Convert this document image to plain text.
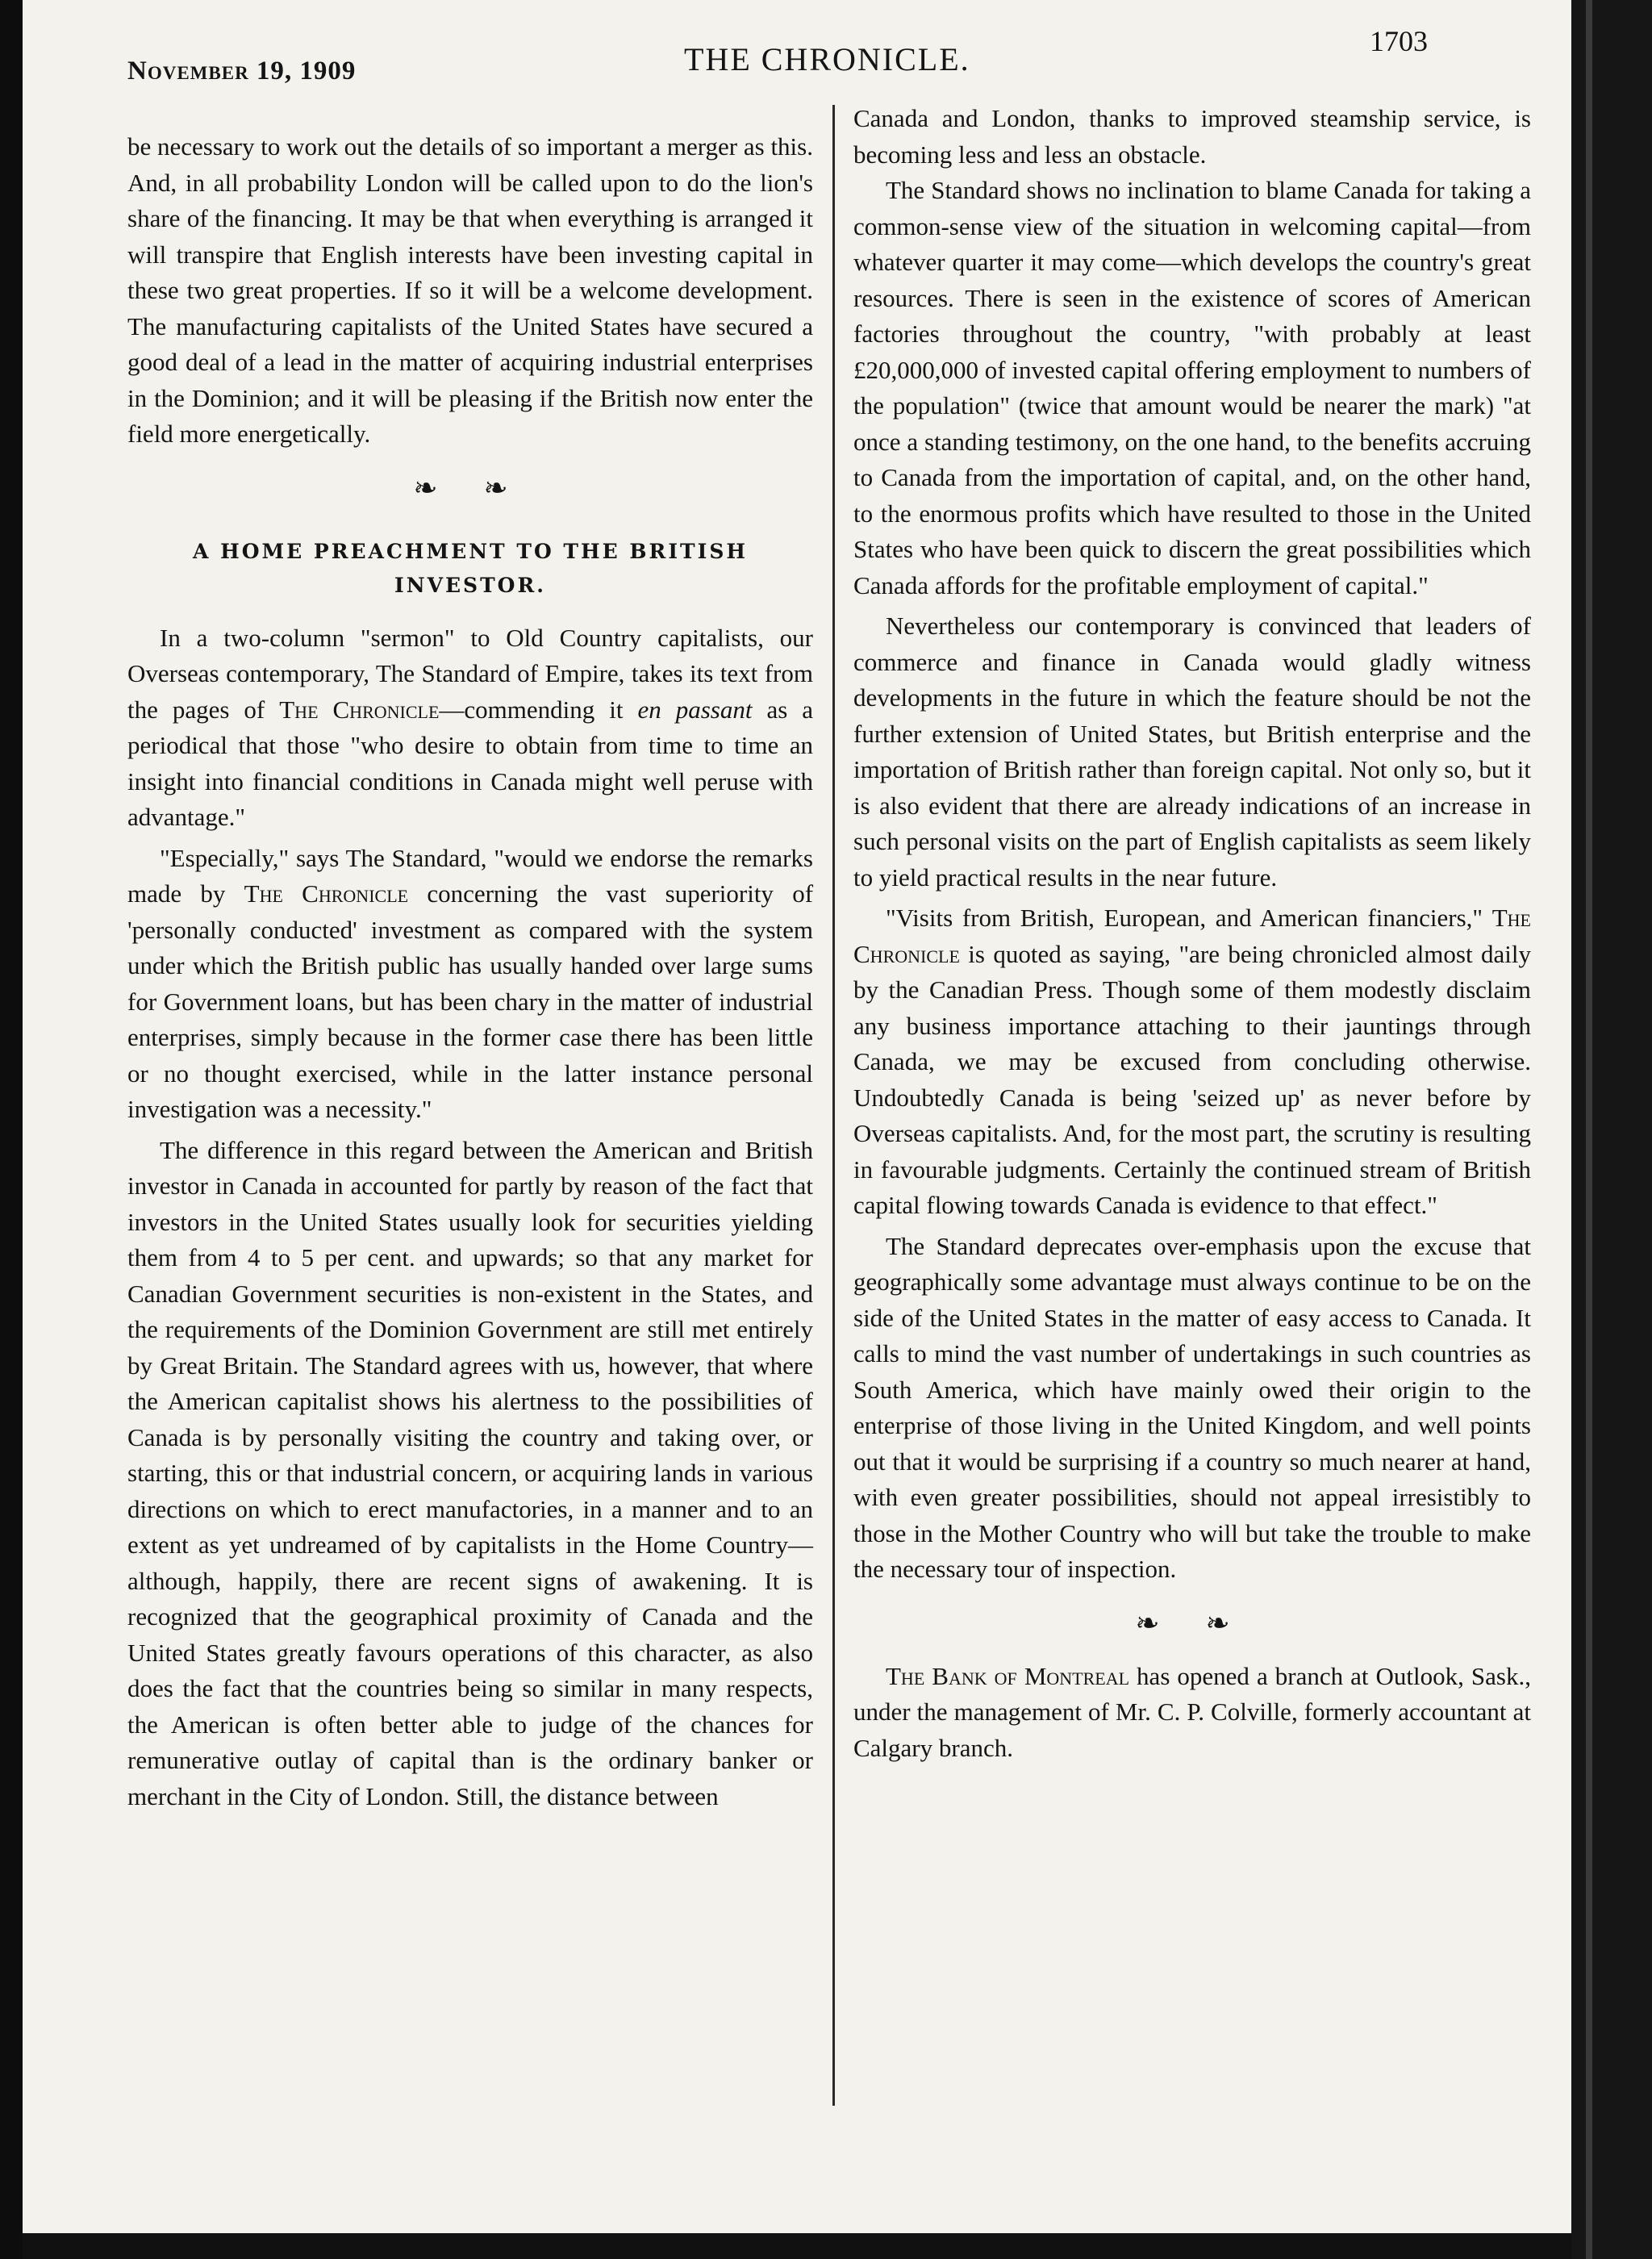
November 19, 1909	THE CHRONICLE.	1703

be necessary to work out the details of so important a merger as this. And, in all probability London will be called upon to do the lion's share of the financing. It may be that when everything is arranged it will transpire that English interests have been investing capital in these two great properties. If so it will be a welcome development. The manufacturing capitalists of the United States have secured a good deal of a lead in the matter of acquiring industrial enterprises in the Dominion; and it will be pleasing if the British now enter the field more energetically.

❧ ❧
A HOME PREACHMENT TO THE BRITISH
INVESTOR.

In a two-column "sermon" to Old Country capitalists, our Overseas contemporary, The Standard of Empire, takes its text from the pages of The Chronicle—commending it en passant as a periodical that those "who desire to obtain from time to time an insight into financial conditions in Canada might well peruse with advantage."

"Especially," says The Standard, "would we endorse the remarks made by The Chronicle concerning the vast superiority of 'personally conducted' investment as compared with the system under which the British public has usually handed over large sums for Government loans, but has been chary in the matter of industrial enterprises, simply because in the former case there has been little or no thought exercised, while in the latter instance personal investigation was a necessity."

The difference in this regard between the American and British investor in Canada in accounted for partly by reason of the fact that investors in the United States usually look for securities yielding them from 4 to 5 per cent. and upwards; so that any market for Canadian Government securities is non-existent in the States, and the requirements of the Dominion Government are still met entirely by Great Britain. The Standard agrees with us, however, that where the American capitalist shows his alertness to the possibilities of Canada is by personally visiting the country and taking over, or starting, this or that industrial concern, or acquiring lands in various directions on which to erect manufactories, in a manner and to an extent as yet undreamed of by capitalists in the Home Country—although, happily, there are recent signs of awakening. It is recognized that the geographical proximity of Canada and the United States greatly favours operations of this character, as also does the fact that the countries being so similar in many respects, the American is often better able to judge of the chances for remunerative outlay of capital than is the ordinary banker or merchant in the City of London. Still, the distance between

Canada and London, thanks to improved steamship service, is becoming less and less an obstacle.

The Standard shows no inclination to blame Canada for taking a common-sense view of the situation in welcoming capital—from whatever quarter it may come—which develops the country's great resources. There is seen in the existence of scores of American factories throughout the country, "with probably at least £20,000,000 of invested capital offering employment to numbers of the population" (twice that amount would be nearer the mark) "at once a standing testimony, on the one hand, to the benefits accruing to Canada from the importation of capital, and, on the other hand, to the enormous profits which have resulted to those in the United States who have been quick to discern the great possibilities which Canada affords for the profitable employment of capital."

Nevertheless our contemporary is convinced that leaders of commerce and finance in Canada would gladly witness developments in the future in which the feature should be not the further extension of United States, but British enterprise and the importation of British rather than foreign capital. Not only so, but it is also evident that there are already indications of an increase in such personal visits on the part of English capitalists as seem likely to yield practical results in the near future.

"Visits from British, European, and American financiers," The Chronicle is quoted as saying, "are being chronicled almost daily by the Canadian Press. Though some of them modestly disclaim any business importance attaching to their jauntings through Canada, we may be excused from concluding otherwise. Undoubtedly Canada is being 'seized up' as never before by Overseas capitalists. And, for the most part, the scrutiny is resulting in favourable judgments. Certainly the continued stream of British capital flowing towards Canada is evidence to that effect."

The Standard deprecates over-emphasis upon the excuse that geographically some advantage must always continue to be on the side of the United States in the matter of easy access to Canada. It calls to mind the vast number of undertakings in such countries as South America, which have mainly owed their origin to the enterprise of those living in the United Kingdom, and well points out that it would be surprising if a country so much nearer at hand, with even greater possibilities, should not appeal irresistibly to those in the Mother Country who will but take the trouble to make the necessary tour of inspection.

❧ ❧

The Bank of Montreal has opened a branch at Outlook, Sask., under the management of Mr. C. P. Colville, formerly accountant at Calgary branch.
